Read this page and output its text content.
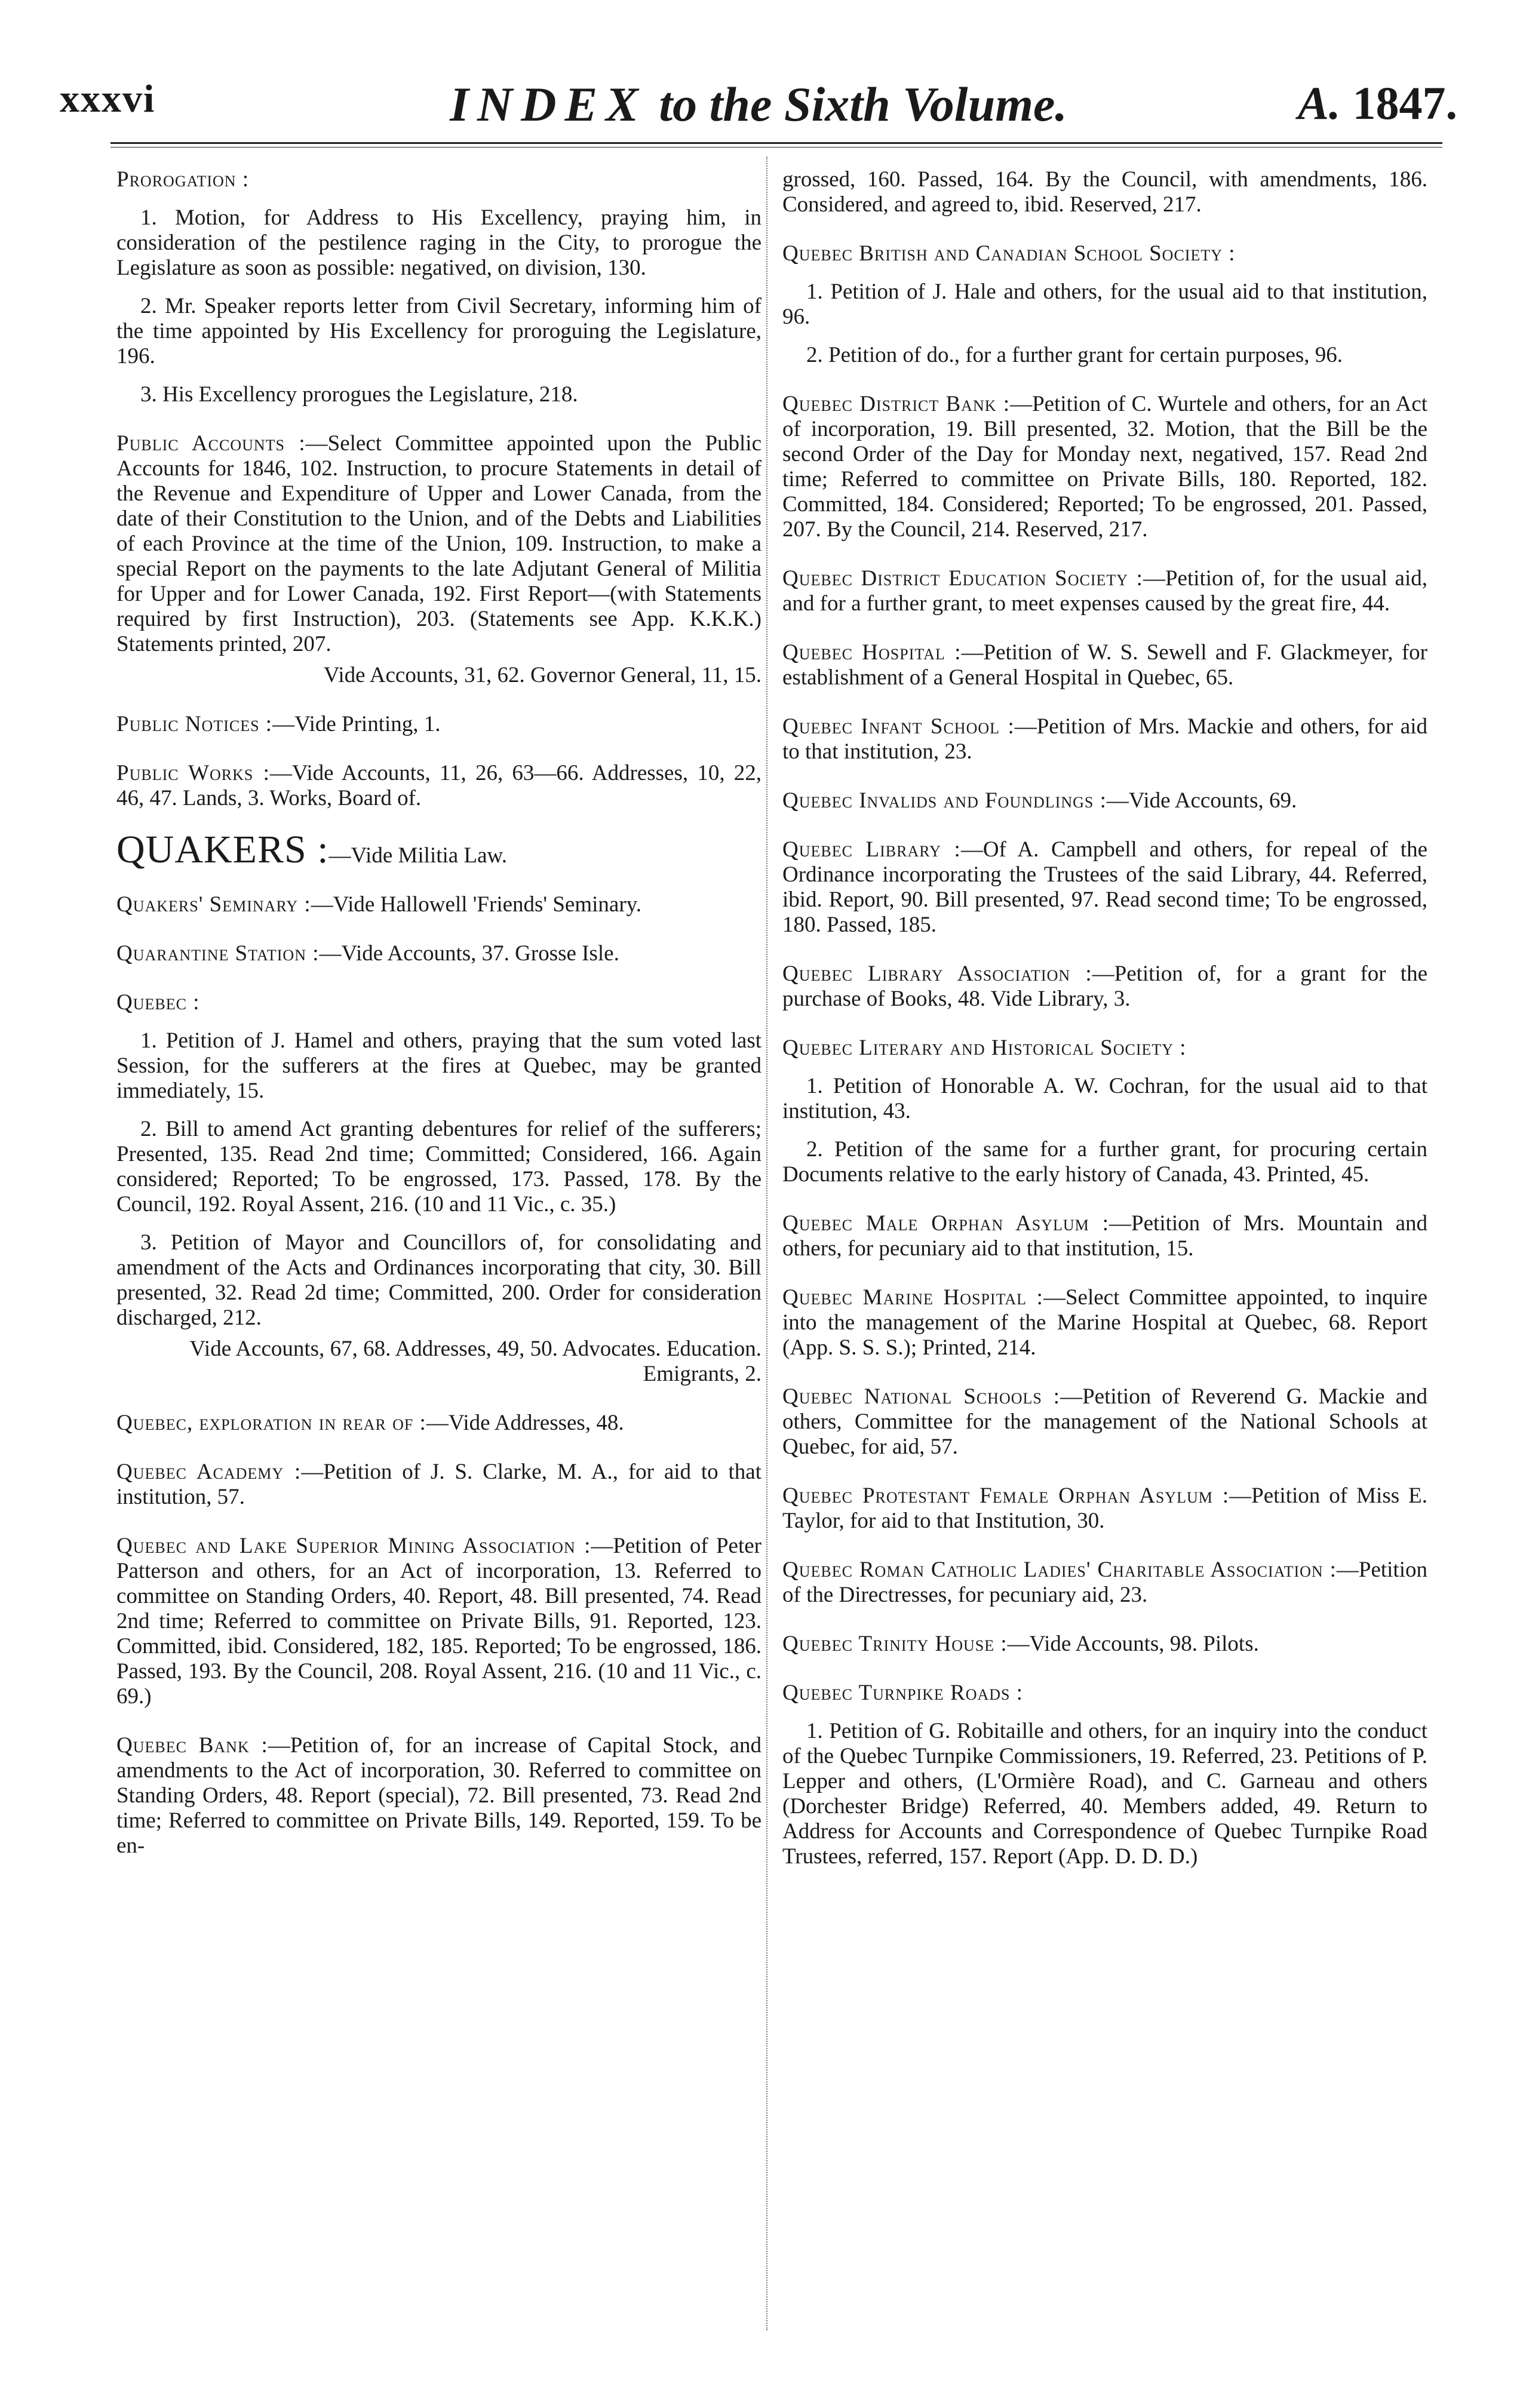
xxxvi	INDEX to the Sixth Volume.	A. 1847.

Prorogation :

1. Motion, for Address to His Excellency, praying him, in consideration of the pestilence raging in the City, to prorogue the Legislature as soon as possible: negatived, on division, 130.

2. Mr. Speaker reports letter from Civil Secretary, informing him of the time appointed by His Excellency for proroguing the Legislature, 196.

3. His Excellency prorogues the Legislature, 218.

Public Accounts :—Select Committee appointed upon the Public Accounts for 1846, 102. Instruction, to procure Statements in detail of the Revenue and Expenditure of Upper and Lower Canada, from the date of their Constitution to the Union, and of the Debts and Liabilities of each Province at the time of the Union, 109. Instruction, to make a special Report on the payments to the late Adjutant General of Militia for Upper and for Lower Canada, 192. First Report—(with Statements required by first Instruction), 203. (Statements see App. K.K.K.) Statements printed, 207.

Vide Accounts, 31, 62. Governor General, 11, 15.

Public Notices :—Vide Printing, 1.

Public Works :—Vide Accounts, 11, 26, 63—66. Addresses, 10, 22, 46, 47. Lands, 3. Works, Board of.

QUAKERS :—Vide Militia Law.

Quakers' Seminary :—Vide Hallowell 'Friends' Seminary.

Quarantine Station :—Vide Accounts, 37. Grosse Isle.

Quebec :

1. Petition of J. Hamel and others, praying that the sum voted last Session, for the sufferers at the fires at Quebec, may be granted immediately, 15.

2. Bill to amend Act granting debentures for relief of the sufferers; Presented, 135. Read 2nd time; Committed; Considered, 166. Again considered; Reported; To be engrossed, 173. Passed, 178. By the Council, 192. Royal Assent, 216. (10 and 11 Vic., c. 35.)

3. Petition of Mayor and Councillors of, for consolidating and amendment of the Acts and Ordinances incorporating that city, 30. Bill presented, 32. Read 2d time; Committed, 200. Order for consideration discharged, 212.

Vide Accounts, 67, 68. Addresses, 49, 50. Advocates. Education. Emigrants, 2.

Quebec, exploration in rear of :—Vide Addresses, 48.

Quebec Academy :—Petition of J. S. Clarke, M. A., for aid to that institution, 57.

Quebec and Lake Superior Mining Association :—Petition of Peter Patterson and others, for an Act of incorporation, 13. Referred to committee on Standing Orders, 40. Report, 48. Bill presented, 74. Read 2nd time; Referred to committee on Private Bills, 91. Reported, 123. Committed, ibid. Considered, 182, 185. Reported; To be engrossed, 186. Passed, 193. By the Council, 208. Royal Assent, 216. (10 and 11 Vic., c. 69.)

Quebec Bank :—Petition of, for an increase of Capital Stock, and amendments to the Act of incorporation, 30. Referred to committee on Standing Orders, 48. Report (special), 72. Bill presented, 73. Read 2nd time; Referred to committee on Private Bills, 149. Reported, 159. To be en-

grossed, 160. Passed, 164. By the Council, with amendments, 186. Considered, and agreed to, ibid. Reserved, 217.

Quebec British and Canadian School Society :

1. Petition of J. Hale and others, for the usual aid to that institution, 96.

2. Petition of do., for a further grant for certain purposes, 96.

Quebec District Bank :—Petition of C. Wurtele and others, for an Act of incorporation, 19. Bill presented, 32. Motion, that the Bill be the second Order of the Day for Monday next, negatived, 157. Read 2nd time; Referred to committee on Private Bills, 180. Reported, 182. Committed, 184. Considered; Reported; To be engrossed, 201. Passed, 207. By the Council, 214. Reserved, 217.

Quebec District Education Society :—Petition of, for the usual aid, and for a further grant, to meet expenses caused by the great fire, 44.

Quebec Hospital :—Petition of W. S. Sewell and F. Glackmeyer, for establishment of a General Hospital in Quebec, 65.

Quebec Infant School :—Petition of Mrs. Mackie and others, for aid to that institution, 23.

Quebec Invalids and Foundlings :—Vide Accounts, 69.

Quebec Library :—Of A. Campbell and others, for repeal of the Ordinance incorporating the Trustees of the said Library, 44. Referred, ibid. Report, 90. Bill presented, 97. Read second time; To be engrossed, 180. Passed, 185.

Quebec Library Association :—Petition of, for a grant for the purchase of Books, 48. Vide Library, 3.

Quebec Literary and Historical Society :

1. Petition of Honorable A. W. Cochran, for the usual aid to that institution, 43.

2. Petition of the same for a further grant, for procuring certain Documents relative to the early history of Canada, 43. Printed, 45.

Quebec Male Orphan Asylum :—Petition of Mrs. Mountain and others, for pecuniary aid to that institution, 15.

Quebec Marine Hospital :—Select Committee appointed, to inquire into the management of the Marine Hospital at Quebec, 68. Report (App. S. S. S.); Printed, 214.

Quebec National Schools :—Petition of Reverend G. Mackie and others, Committee for the management of the National Schools at Quebec, for aid, 57.

Quebec Protestant Female Orphan Asylum :—Petition of Miss E. Taylor, for aid to that Institution, 30.

Quebec Roman Catholic Ladies' Charitable Association :—Petition of the Directresses, for pecuniary aid, 23.

Quebec Trinity House :—Vide Accounts, 98. Pilots.

Quebec Turnpike Roads :

1. Petition of G. Robitaille and others, for an inquiry into the conduct of the Quebec Turnpike Commissioners, 19. Referred, 23. Petitions of P. Lepper and others, (L'Ormière Road), and C. Garneau and others (Dorchester Bridge) Referred, 40. Members added, 49. Return to Address for Accounts and Correspondence of Quebec Turnpike Road Trustees, referred, 157. Report (App. D. D. D.)
